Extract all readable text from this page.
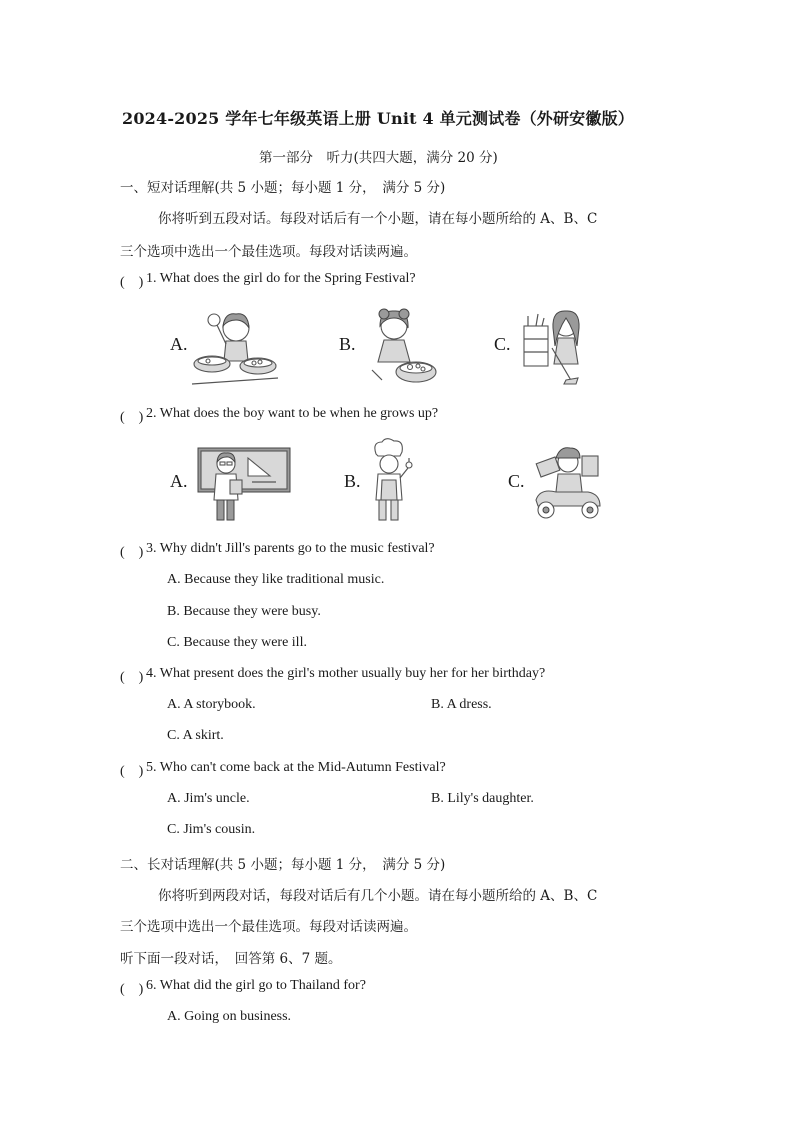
2024-2025 学年七年级英语上册 Unit 4 单元测试卷（外研安徽版）
第一部分　听力(共四大题，满分 20 分)
一、短对话理解(共 5 小题；每小题 1 分，　满分 5 分)
你将听到五段对话。每段对话后有一个小题，请在每小题所给的 A、B、C
三个选项中选出一个最佳选项。每段对话读两遍。
(　) 1. What does the girl do for the Spring Festival?
A.	B.	C.
(　) 2. What does the boy want to be when he grows up?
A.	B.	C.
(　) 3. Why didn't Jill's parents go to the music festival?
A. Because they like traditional music.
B. Because they were busy.
C. Because they were ill.
(　) 4. What present does the girl's mother usually buy her for her birthday?
A. A storybook.	B. A dress.
C. A skirt.
(　) 5. Who can't come back at the Mid-Autumn Festival?
A. Jim's uncle.	B. Lily's daughter.
C. Jim's cousin.
二、长对话理解(共 5 小题；每小题 1 分，　满分 5 分)
你将听到两段对话，每段对话后有几个小题。请在每小题所给的 A、B、C
三个选项中选出一个最佳选项。每段对话读两遍。
听下面一段对话，　回答第 6、7 题。
(　) 6. What did the girl go to Thailand for?
A. Going on business.
